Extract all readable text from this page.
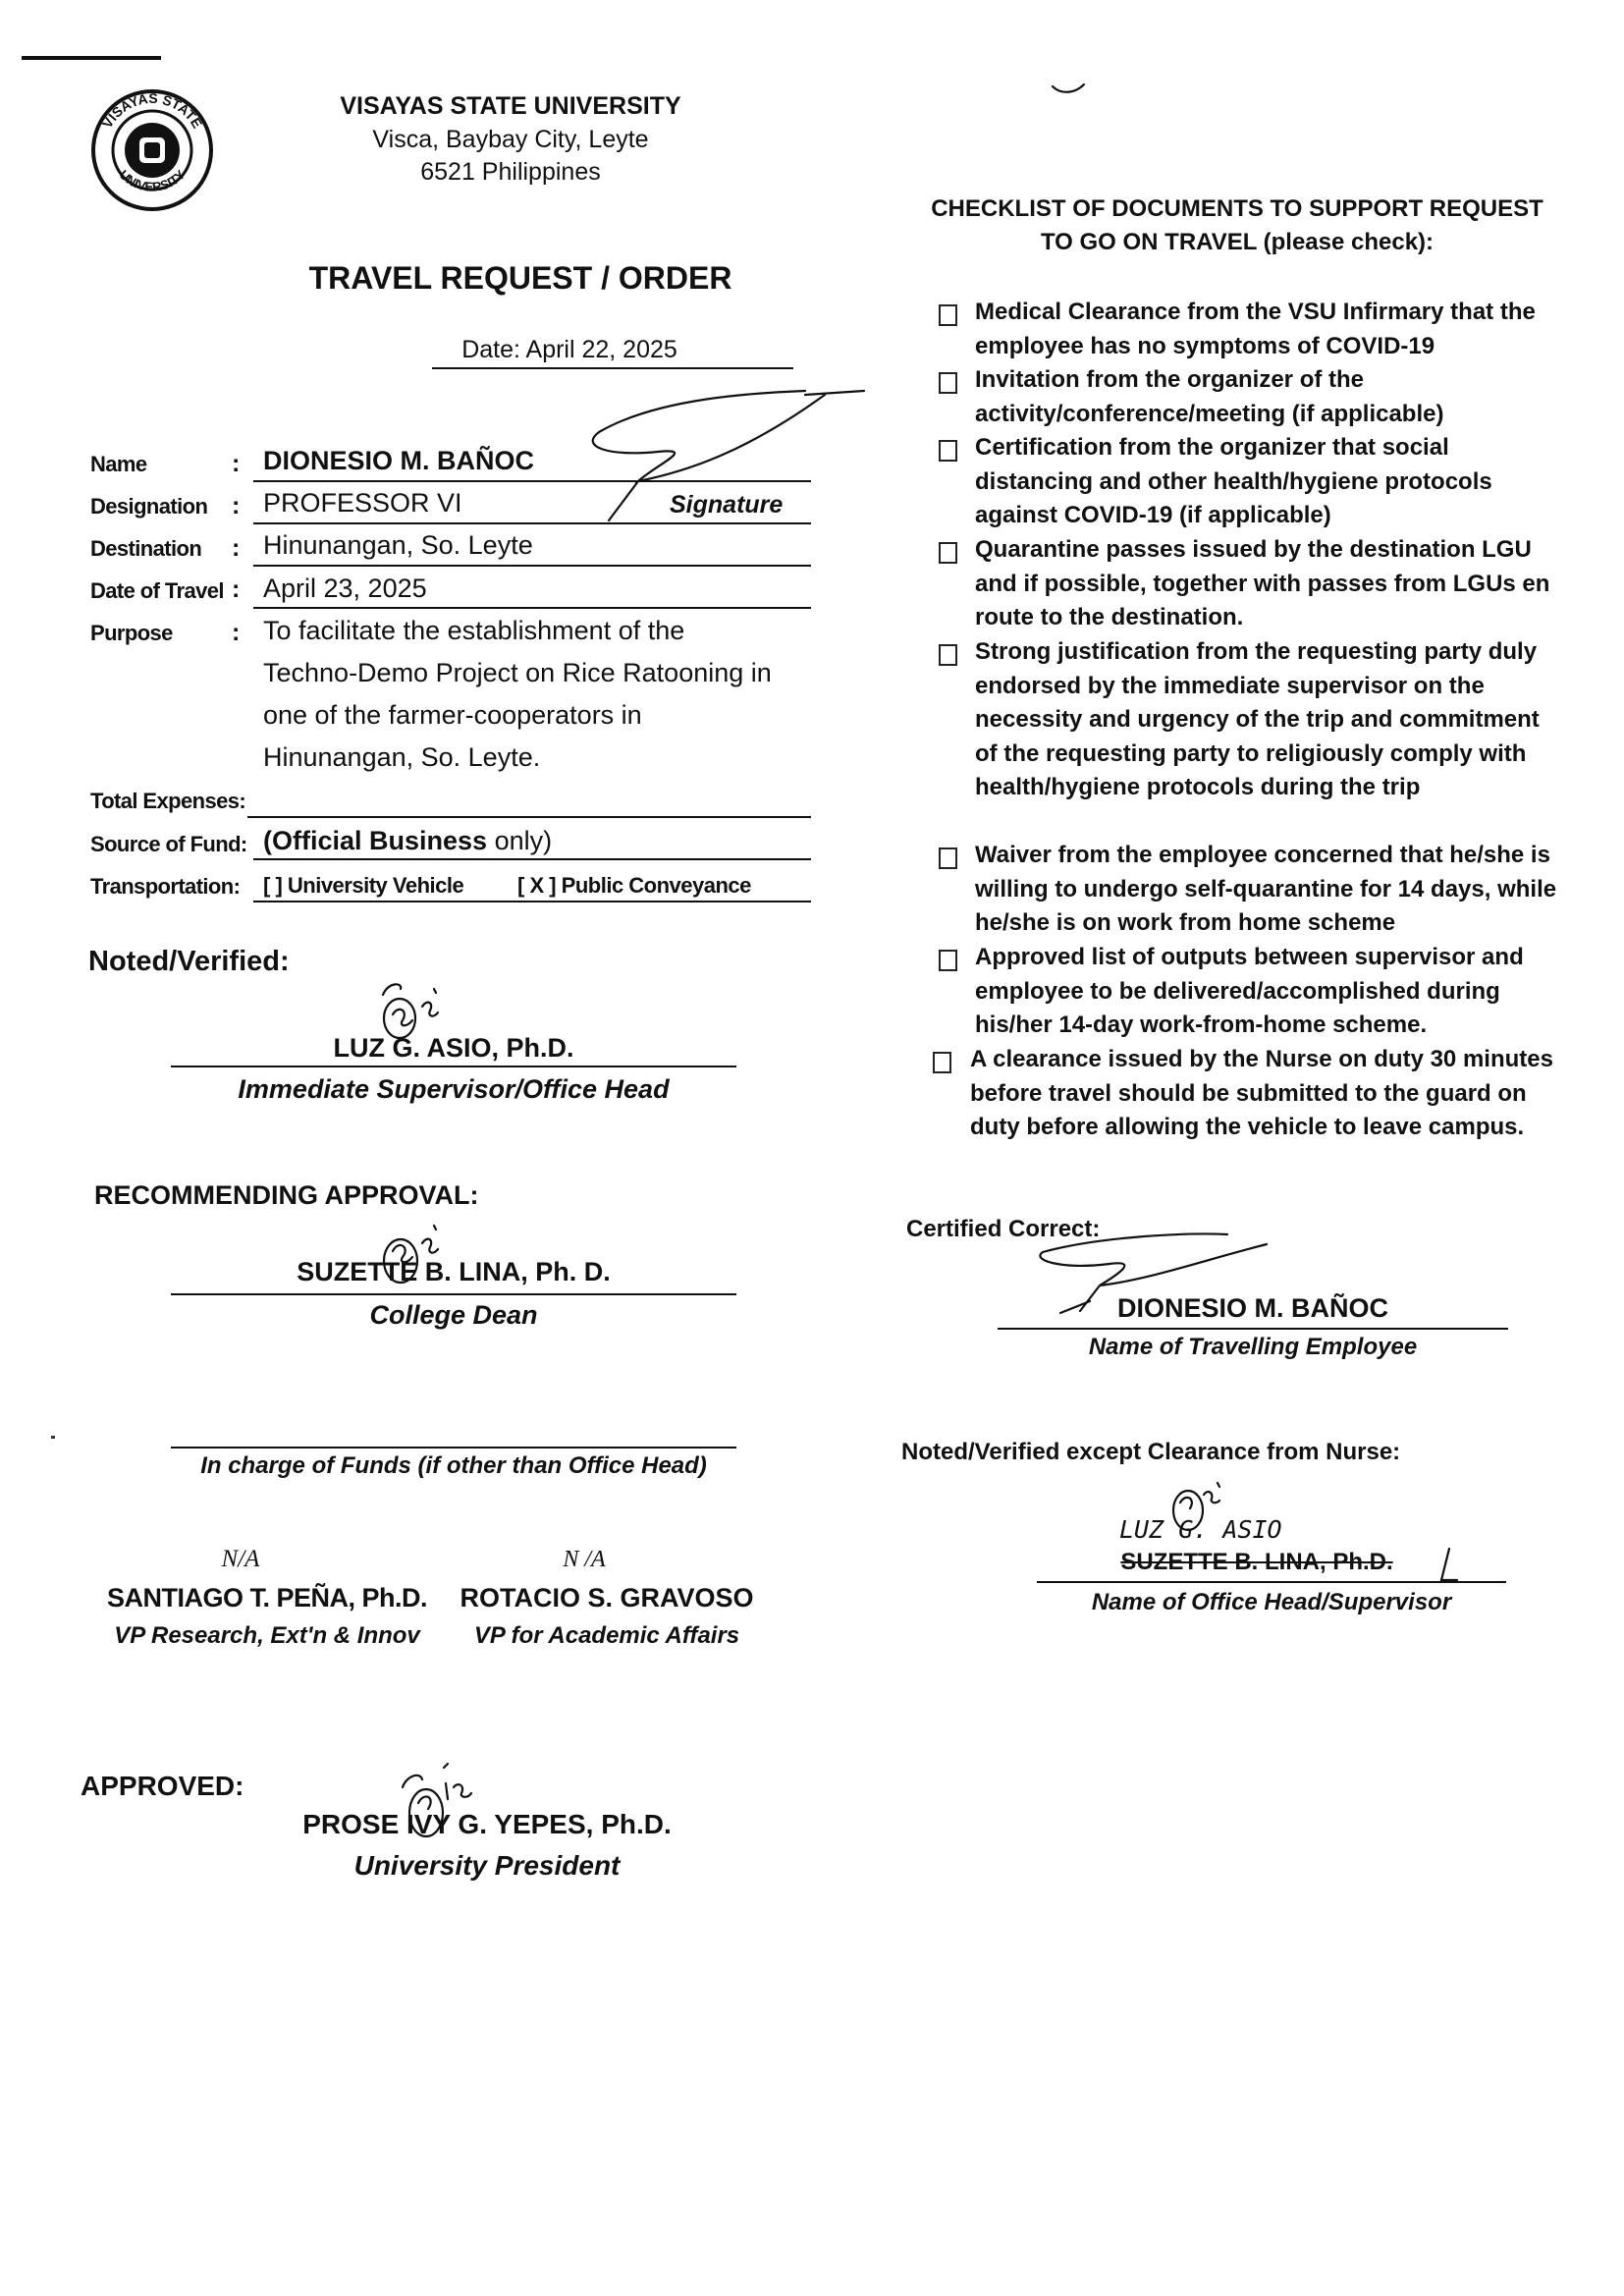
VISAYAS STATE
UNIVERSITY
VISAYAS STATE UNIVERSITY
Visca, Baybay City, Leyte
6521 Philippines
TRAVEL REQUEST / ORDER
Date: April 22, 2025
Name	: DIONESIO M. BAÑOC
Designation : PROFESSOR VI	Signature
Destination : Hinunangan, So. Leyte
Date of Travel : April 23, 2025
Purpose : To facilitate the establishment of the
Techno-Demo Project on Rice Ratooning in
one of the farmer-cooperators in
Hinunangan, So. Leyte.
Total Expenses:
Source of Fund: (Official Business only)
Transportation: [ ] University Vehicle [ X ] Public Conveyance
Noted/Verified:
LUZ G. ASIO, Ph.D.
Immediate Supervisor/Office Head
RECOMMENDING APPROVAL:
SUZETTE B. LINA, Ph. D.
College Dean
In charge of Funds (if other than Office Head)
N/A
SANTIAGO T. PEÑA, Ph.D.
VP Research, Ext'n & Innov
N /A
ROTACIO S. GRAVOSO
VP for Academic Affairs
APPROVED:
PROSE IVY G. YEPES, Ph.D.
University President
CHECKLIST OF DOCUMENTS TO SUPPORT REQUEST
TO GO ON TRAVEL (please check):
Medical Clearance from the VSU Infirmary that the employee has no symptoms of COVID-19
Invitation from the organizer of the activity/conference/meeting (if applicable)
Certification from the organizer that social distancing and other health/hygiene protocols against COVID-19 (if applicable)
Quarantine passes issued by the destination LGU and if possible, together with passes from LGUs en route to the destination.
Strong justification from the requesting party duly endorsed by the immediate supervisor on the necessity and urgency of the trip and commitment of the requesting party to religiously comply with health/hygiene protocols during the trip
Waiver from the employee concerned that he/she is willing to undergo self-quarantine for 14 days, while he/she is on work from home scheme
Approved list of outputs between supervisor and employee to be delivered/accomplished during his/her 14-day work-from-home scheme.
A clearance issued by the Nurse on duty 30 minutes before travel should be submitted to the guard on duty before allowing the vehicle to leave campus.
Certified Correct:
DIONESIO M. BAÑOC
Name of Travelling Employee
Noted/Verified except Clearance from Nurse:
LUZ G. ASIO
SUZETTE B. LINA, Ph.D.
Name of Office Head/Supervisor
